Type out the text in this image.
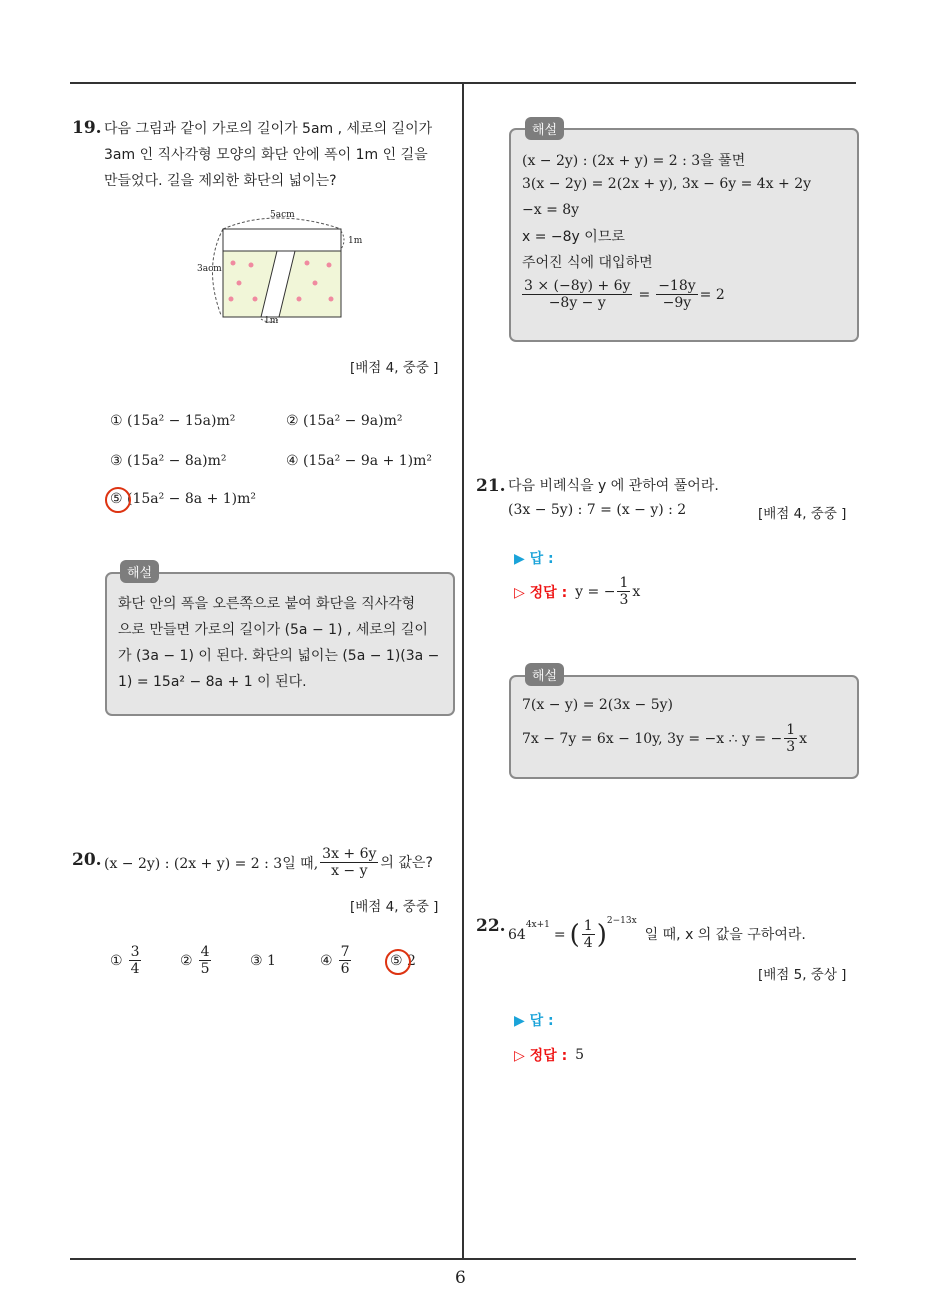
6
19. 다음 그림과 같이 가로의 길이가 5am , 세로의 길이가
3am 인 직사각형 모양의 화단 안에 폭이 1m 인 길을
만들었다. 길을 제외한 화단의 넓이는?
5acm
3acm
1m
1m
[배점 4, 중중 ]
① (15a² − 15a)m²	② (15a² − 9a)m²
③ (15a² − 8a)m²	④ (15a² − 9a + 1)m²
⑤ (15a² − 8a + 1)m²
해설
화단 안의 폭을 오른쪽으로 붙여 화단을 직사각형
으로 만들면 가로의 길이가 (5a − 1) , 세로의 길이
가 (3a − 1) 이 된다. 화단의 넓이는 (5a − 1)(3a −
1) = 15a² − 8a + 1 이 된다.
20. (x − 2y) : (2x + y) = 2 : 3일 때, $\frac{3x + 6y}{x - y}$ 의 값은?
[배점 4, 중중 ]
① $\frac{3}{4}$	② $\frac{4}{5}$	③ 1	④ $\frac{7}{6}$	⑤ 2
해설
(x − 2y) : (2x + y) = 2 : 3을 풀면
3(x − 2y) = 2(2x + y), 3x − 6y = 4x + 2y
−x = 8y
x = −8y 이므로
주어진 식에 대입하면
$\frac{3 \times (-8y) + 6y}{-8y - y} = \frac{-18y}{-9y} = 2$
21. 다음 비례식을 y 에 관하여 풀어라.
(3x − 5y) : 7 = (x − y) : 2	[배점 4, 중중 ]
▶ 답 :
▷ 정답 : y = − $\frac{1}{3}$ x
해설
7(x − y) = 2(3x − 5y)
7x − 7y = 6x − 10y, 3y = −x ∴ y = − $\frac{1}{3}$ x
22. 64
$^{4x+1}$
= ( $\frac{1}{4} )^{2-13x}$
일 때, x 의 값을 구하여라.
[배점 5, 중상 ]
▶ 답 :
▷ 정답 : 5
